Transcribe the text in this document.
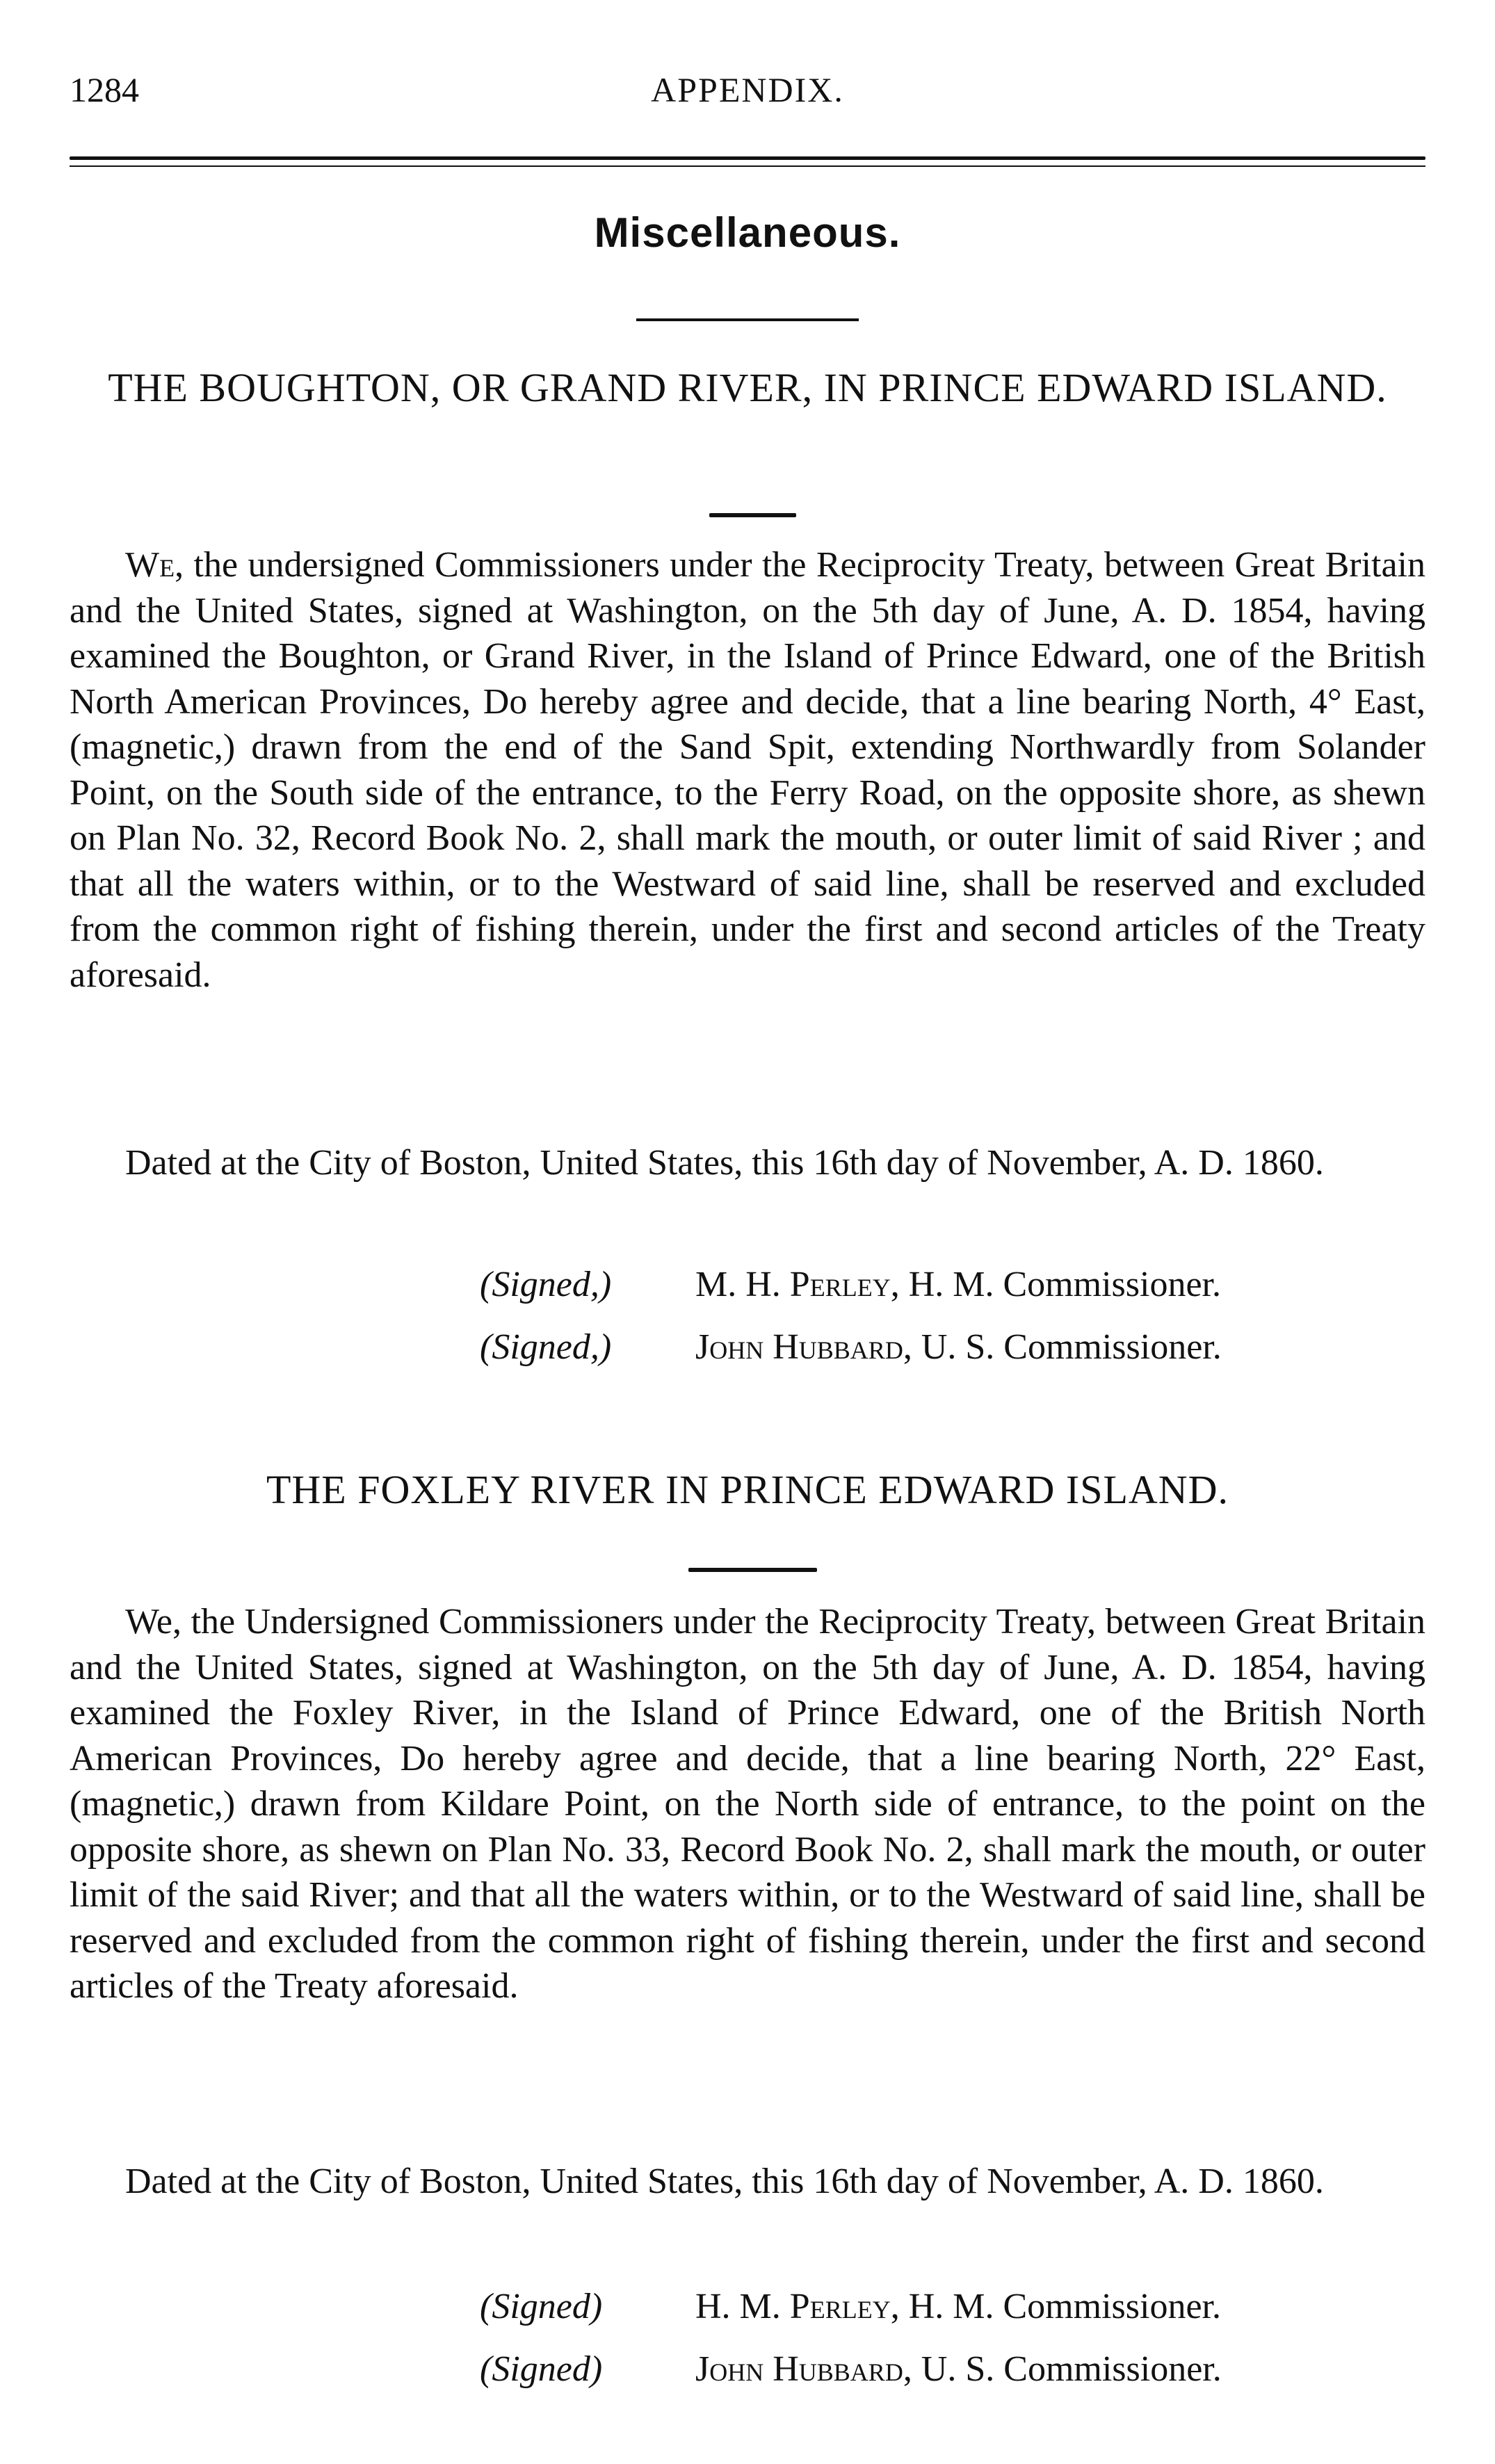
1284	APPENDIX.
Miscellaneous.
THE BOUGHTON, OR GRAND RIVER, IN PRINCE EDWARD ISLAND.

We, the undersigned Commissioners under the Reciprocity Treaty, between Great Britain and the United States, signed at Washington, on the 5th day of June, A. D. 1854, having examined the Boughton, or Grand River, in the Island of Prince Edward, one of the British North American Provinces, Do hereby agree and decide, that a line bearing North, 4° East, (magnetic,) drawn from the end of the Sand Spit, extending Northwardly from Solander Point, on the South side of the entrance, to the Ferry Road, on the opposite shore, as shewn on Plan No. 32, Record Book No. 2, shall mark the mouth, or outer limit of said River ; and that all the waters within, or to the Westward of said line, shall be reserved and excluded from the common right of fishing therein, under the first and second articles of the Treaty aforesaid.

Dated at the City of Boston, United States, this 16th day of November, A. D. 1860.

(Signed,) M. H. Perley, H. M. Commissioner.
(Signed,) John Hubbard, U. S. Commissioner.
THE FOXLEY RIVER IN PRINCE EDWARD ISLAND.

We, the Undersigned Commissioners under the Reciprocity Treaty, between Great Britain and the United States, signed at Washington, on the 5th day of June, A. D. 1854, having examined the Foxley River, in the Island of Prince Edward, one of the British North American Provinces, Do hereby agree and decide, that a line bearing North, 22° East, (magnetic,) drawn from Kildare Point, on the North side of entrance, to the point on the opposite shore, as shewn on Plan No. 33, Record Book No. 2, shall mark the mouth, or outer limit of the said River; and that all the waters within, or to the Westward of said line, shall be reserved and excluded from the common right of fishing therein, under the first and second articles of the Treaty aforesaid.

Dated at the City of Boston, United States, this 16th day of November, A. D. 1860.

(Signed)	H. M. Perley, H. M. Commissioner.
(Signed)	John Hubbard, U. S. Commissioner.
